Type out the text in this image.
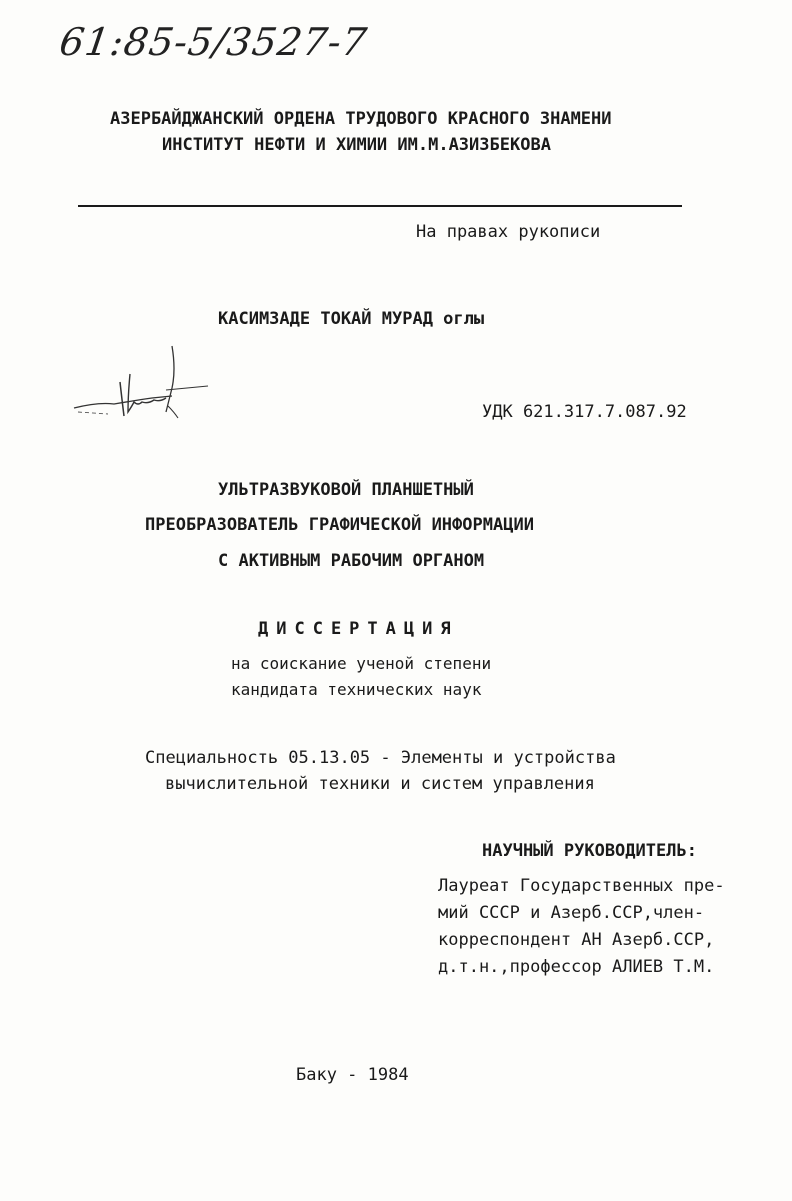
61:85-5/3527-7
АЗЕРБАЙДЖАНСКИЙ ОРДЕНА ТРУДОВОГО КРАСНОГО ЗНАМЕНИ
ИНСТИТУТ НЕФТИ И ХИМИИ ИМ.М.АЗИЗБЕКОВА
На правах рукописи
КАСИМЗАДЕ ТОКАЙ МУРАД оглы
УДК 621.317.7.087.92
УЛЬТРАЗВУКОВОЙ ПЛАНШЕТНЫЙ
ПРЕОБРАЗОВАТЕЛЬ ГРАФИЧЕСКОЙ ИНФОРМАЦИИ
С АКТИВНЫМ РАБОЧИМ ОРГАНОМ
ДИССЕРТАЦИЯ
на соискание ученой степени
кандидата технических наук
Специальность 05.13.05 - Элементы и устройства
вычислительной техники и систем управления
НАУЧНЫЙ РУКОВОДИТЕЛЬ:
Лауреат Государственных пре-
мий СССР и Азерб.ССР,член-
корреспондент АН Азерб.ССР,
д.т.н.,профессор АЛИЕВ Т.М.
Баку - 1984
